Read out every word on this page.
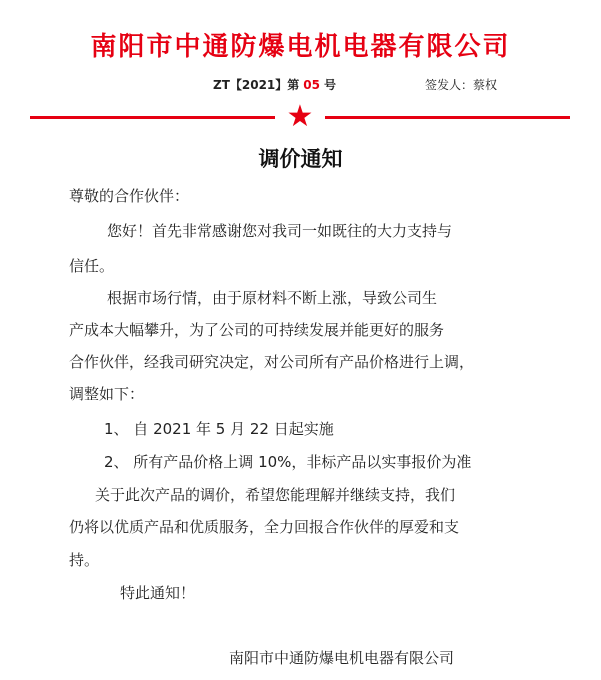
南阳市中通防爆电机电器有限公司
ZT【2021】第 05 号	签发人：蔡权
★
调价通知
尊敬的合作伙伴：
您好！首先非常感谢您对我司一如既往的大力支持与
信任。
根据市场行情，由于原材料不断上涨，导致公司生
产成本大幅攀升，为了公司的可持续发展并能更好的服务
合作伙伴，经我司研究决定，对公司所有产品价格进行上调，
调整如下：
1、 自 2021 年 5 月 22 日起实施
2、 所有产品价格上调 10%，非标产品以实事报价为准
关于此次产品的调价，希望您能理解并继续支持，我们
仍将以优质产品和优质服务，全力回报合作伙伴的厚爱和支
持。
特此通知！
南阳市中通防爆电机电器有限公司
